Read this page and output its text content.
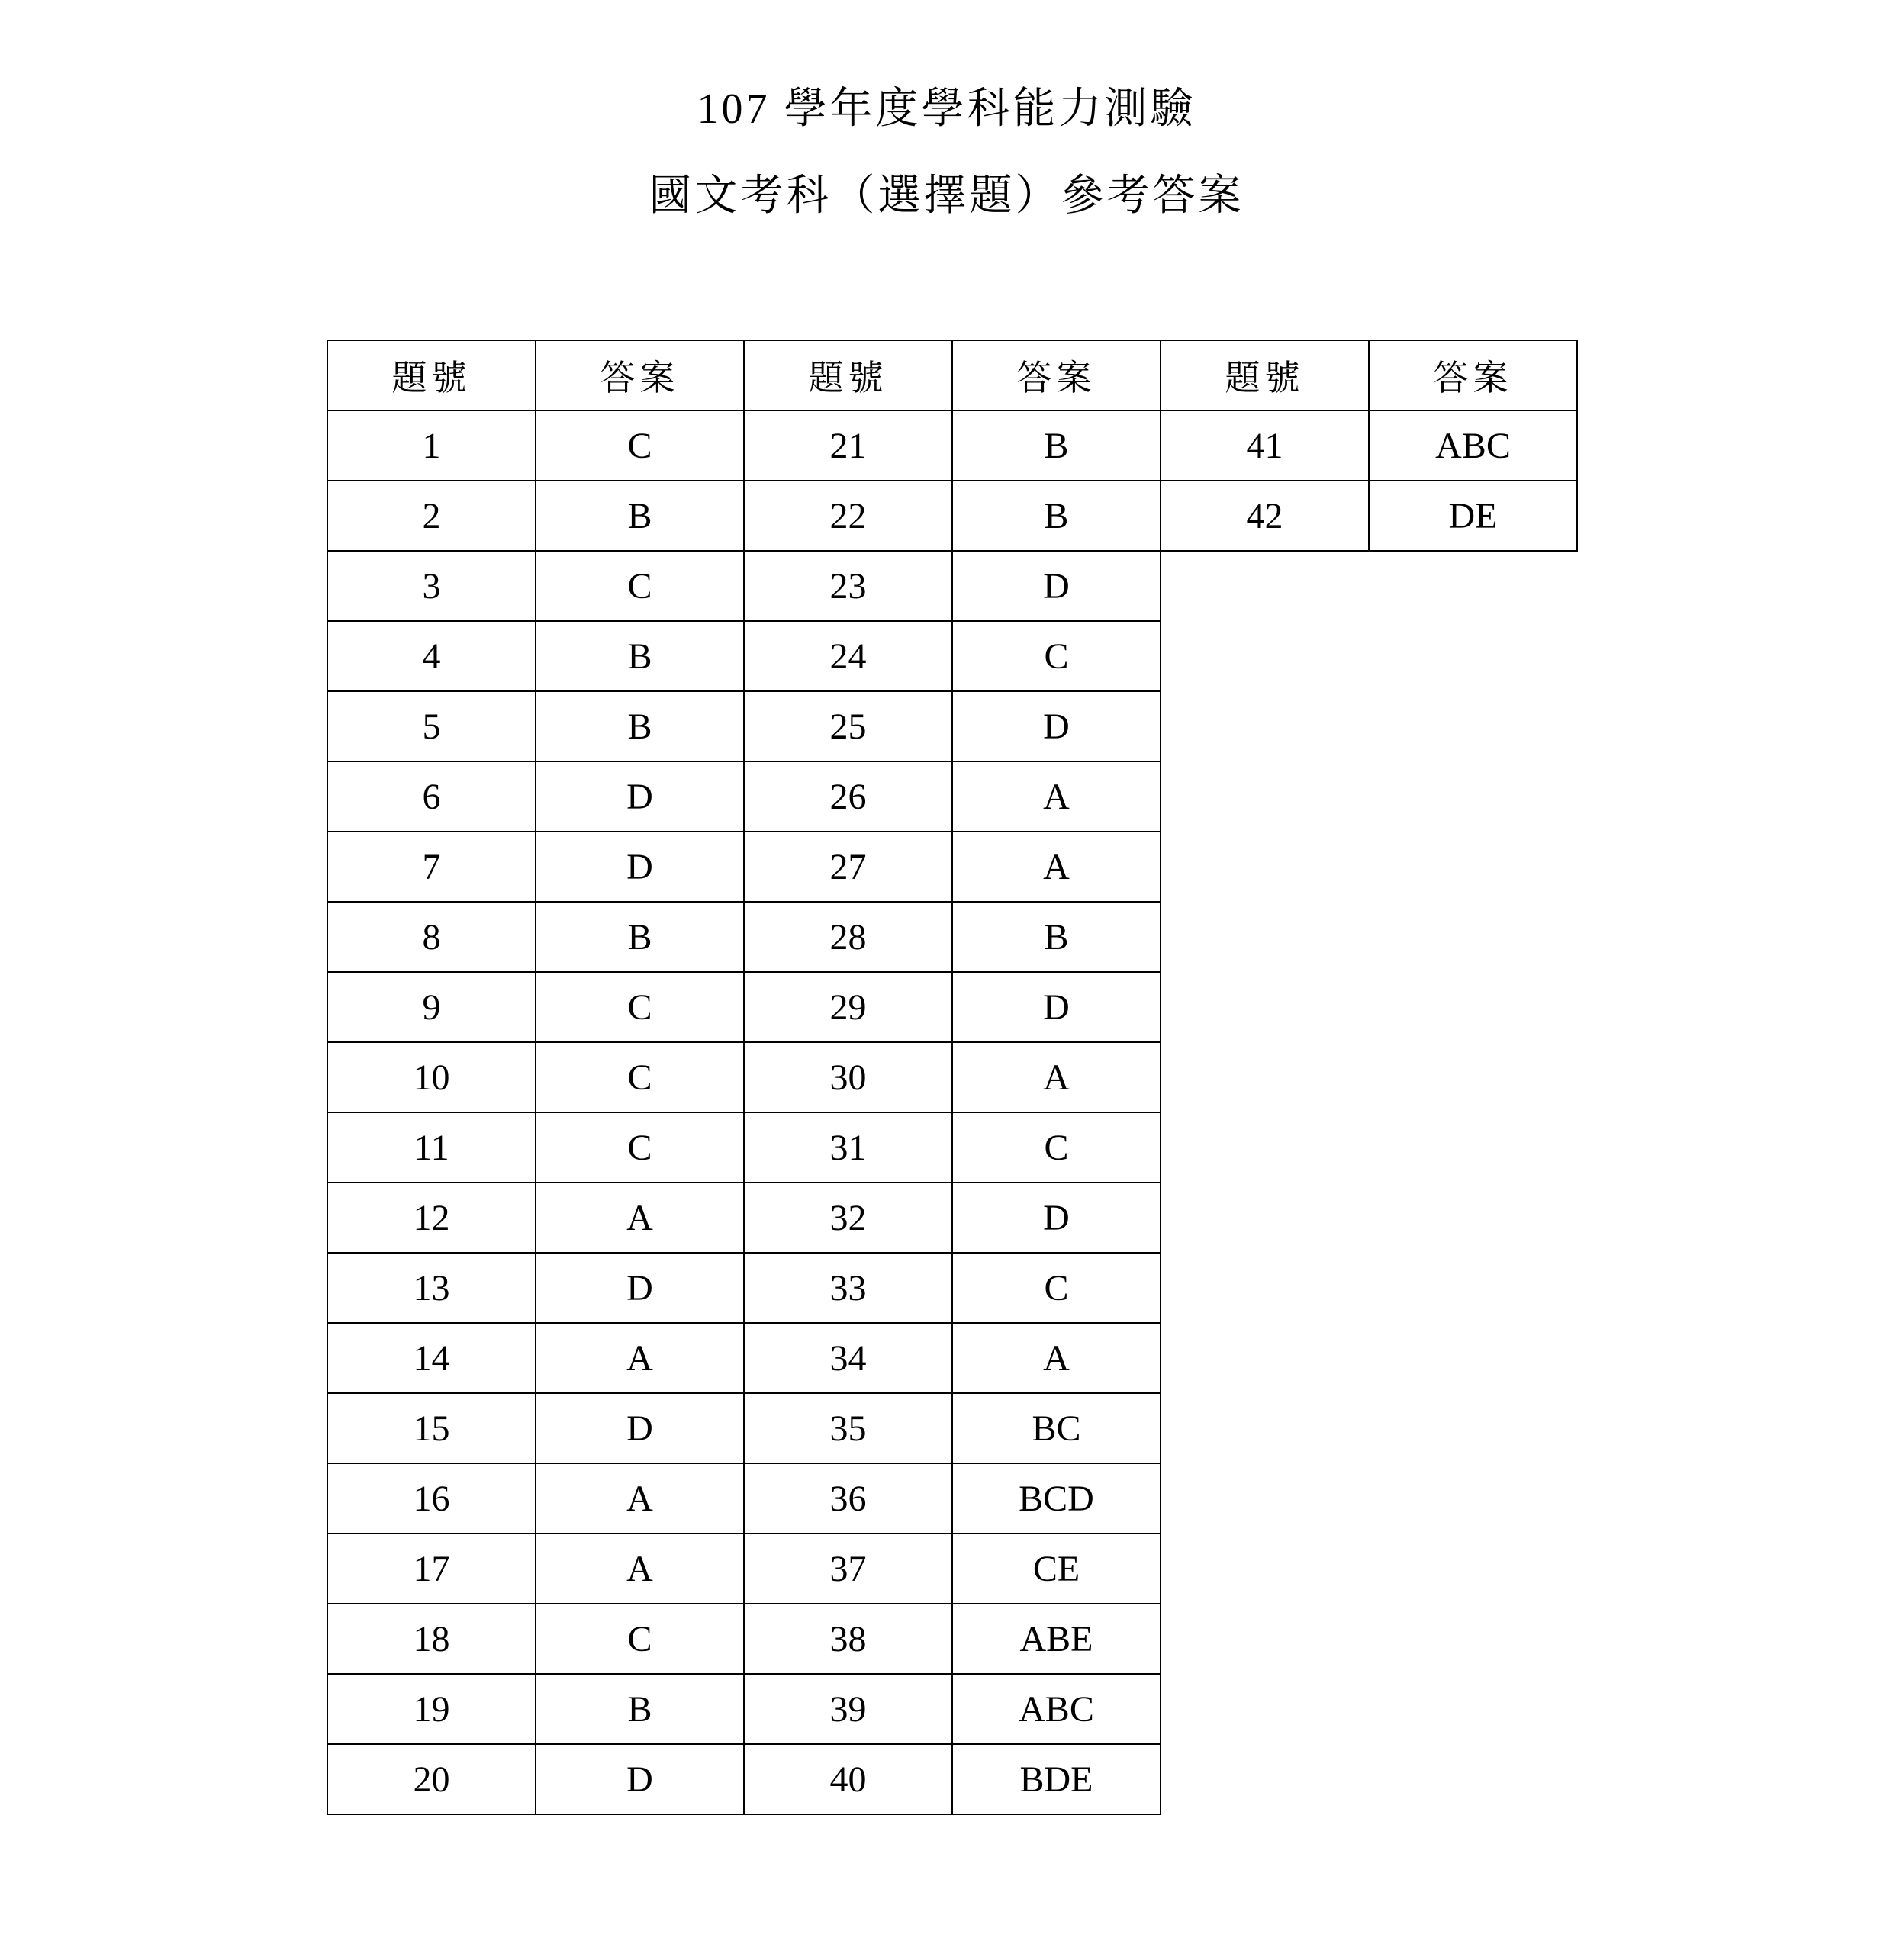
107 學年度學科能力測驗
國文考科（選擇題）參考答案
題號	答案	題號	答案	題號	答案
1	C	21	B	41	ABC
2	B	22	B	42	DE
3	C	23	D		
4	B	24	C		
5	B	25	D		
6	D	26	A		
7	D	27	A		
8	B	28	B		
9	C	29	D		
10	C	30	A		
11	C	31	C		
12	A	32	D		
13	D	33	C		
14	A	34	A		
15	D	35	BC		
16	A	36	BCD		
17	A	37	CE		
18	C	38	ABE		
19	B	39	ABC		
20	D	40	BDE		
